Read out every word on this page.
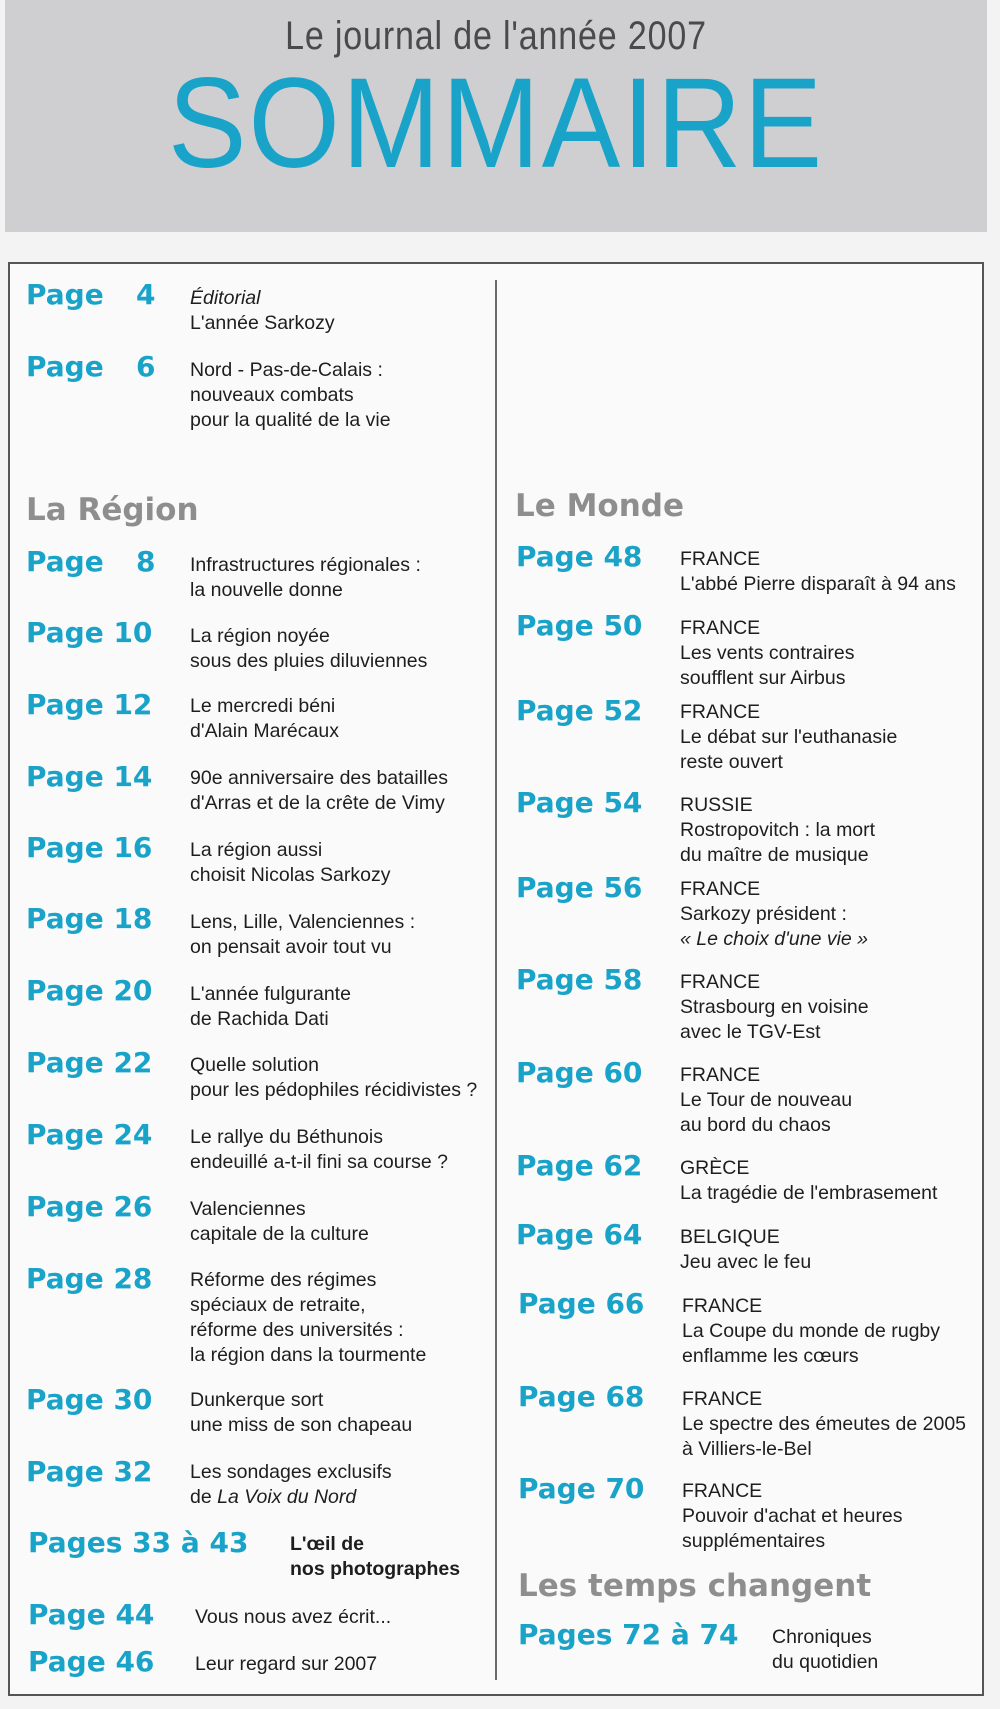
Le journal de l'année 2007
SOMMAIRE
Page 4 Éditorial
L'année Sarkozy
Page 6 Nord - Pas-de-Calais :
nouveaux combats
pour la qualité de la vie
La Région
Page 8 Infrastructures régionales :
la nouvelle donne
Page 10 La région noyée
sous des pluies diluviennes
Page 12 Le mercredi béni
d'Alain Marécaux
Page 14 90e anniversaire des batailles
d'Arras et de la crête de Vimy
Page 16 La région aussi
choisit Nicolas Sarkozy
Page 18 Lens, Lille, Valenciennes :
on pensait avoir tout vu
Page 20 L'année fulgurante
de Rachida Dati
Page 22 Quelle solution
pour les pédophiles récidivistes ?
Page 24 Le rallye du Béthunois
endeuillé a-t-il fini sa course ?
Page 26 Valenciennes
capitale de la culture
Page 28 Réforme des régimes
spéciaux de retraite,
réforme des universités :
la région dans la tourmente
Page 30 Dunkerque sort
une miss de son chapeau
Page 32 Les sondages exclusifs
de La Voix du Nord
Pages 33 à 43 L'œil de
nos photographes
Page 44 Vous nous avez écrit...
Page 46 Leur regard sur 2007
Le Monde
Page 48 FRANCE
L'abbé Pierre disparaît à 94 ans
Page 50 FRANCE
Les vents contraires
soufflent sur Airbus
Page 52 FRANCE
Le débat sur l'euthanasie
reste ouvert
Page 54 RUSSIE
Rostropovitch : la mort
du maître de musique
Page 56 FRANCE
Sarkozy président :
« Le choix d'une vie »
Page 58 FRANCE
Strasbourg en voisine
avec le TGV-Est
Page 60 FRANCE
Le Tour de nouveau
au bord du chaos
Page 62 GRÈCE
La tragédie de l'embrasement
Page 64 BELGIQUE
Jeu avec le feu
Page 66 FRANCE
La Coupe du monde de rugby
enflamme les cœurs
Page 68 FRANCE
Le spectre des émeutes de 2005
à Villiers-le-Bel
Page 70 FRANCE
Pouvoir d'achat et heures
supplémentaires
Les temps changent
Pages 72 à 74 Chroniques
du quotidien
